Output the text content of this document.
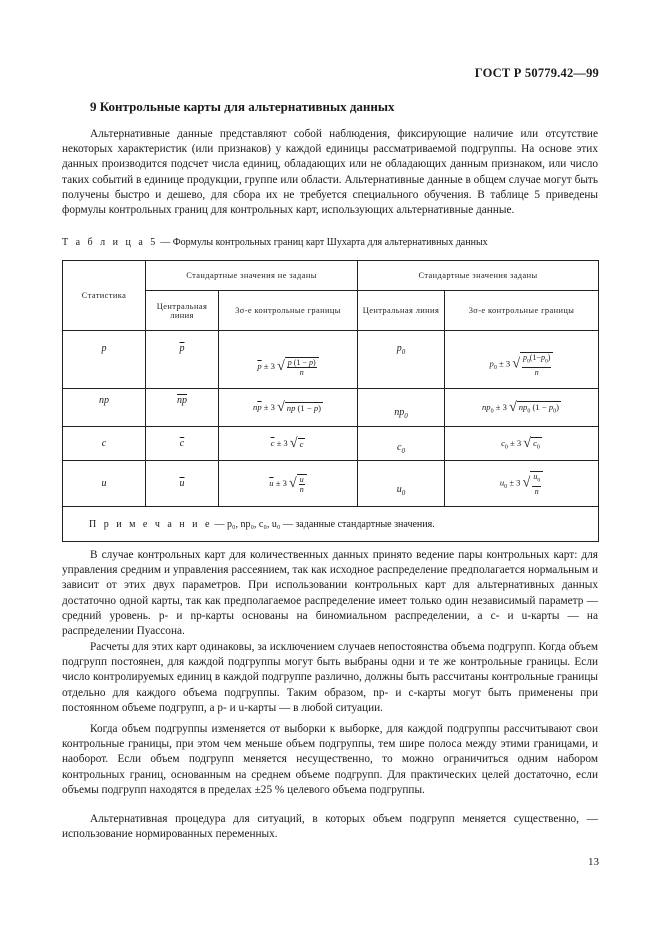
ГОСТ Р 50779.42—99
9 Контрольные карты для альтернативных данных

Альтернативные данные представляют собой наблюдения, фиксирующие наличие или отсутствие некоторых характеристик (или признаков) у каждой единицы рассматриваемой подгруппы. На основе этих данных производится подсчет числа единиц, обладающих или не обладающих данным признаком, или число таких событий в единице продукции, группе или области. Альтернативные данные в общем случае могут быть получены быстро и дешево, для сбора их не требуется специального обучения. В таблице 5 приведены формулы контрольных границ для контрольных карт, использующих альтернативные данные.

Т а б л и ц а 5 — Формулы контрольных границ карт Шухарта для альтернативных данных
Статистика	Стандартные значения не заданы		Стандартные значения заданы	
	Центральная линия	3σ-е контрольные границы	Центральная линия	3σ-е контрольные границы
p	$\overline{p}$	$\overline{p} \pm 3$ √ $\frac{p (1 - \overline{p})}{n}$	$p_0$	$p_0 \pm 3$ √ $\frac{p_0(1-p_0)}{n}$

np	$\overline{np}$	$n\overline{p} \pm 3$ √ $n\overline{p}$ $(1 - \overline{p})$	$np_0$	$np_0 \pm 3$ √ $np_0$ $(1 - p_0)$
c	$\overline{c}$	$\overline{c} \pm 3$ √ c	$c_0$	$c_0 \pm 3$ √ $c_0$
u	$\overline{u}$	$\overline{u} \pm 3$ √ $\frac{u}{n}$	$u_0$	$u_0 \pm 3$ √ $\frac{u_0}{n}$

П р и м е ч а н и е — p₀, np₀, c₀, u₀ — заданные стандартные значения.				

В случае контрольных карт для количественных данных принято ведение пары контрольных карт: для управления средним и управления рассеянием, так как исходное распределение предполагается нормальным и зависит от этих двух параметров. При использовании контрольных карт для альтернативных данных достаточно одной карты, так как предполагаемое распределение имеет только один независимый параметр — средний уровень. p- и np-карты основаны на биномиальном распределении, а c- и u-карты — на распределении Пуассона.

Расчеты для этих карт одинаковы, за исключением случаев непостоянства объема подгрупп. Когда объем подгрупп постоянен, для каждой подгруппы могут быть выбраны одни и те же контрольные границы. Если число контролируемых единиц в каждой подгруппе различно, должны быть рассчитаны контрольные границы отдельно для каждого объема подгруппы. Таким образом, np- и c-карты могут быть применены при постоянном объеме подгрупп, а p- и u-карты — в любой ситуации.

Когда объем подгруппы изменяется от выборки к выборке, для каждой подгруппы рассчитывают свои контрольные границы, при этом чем меньше объем подгруппы, тем шире полоса между этими границами, и наоборот. Если объем подгрупп меняется несущественно, то можно ограничиться одним набором контрольных границ, основанным на среднем объеме подгрупп. Для практических целей достаточно, если объемы подгрупп находятся в пределах ±25 % целевого объема подгруппы.

Альтернативная процедура для ситуаций, в которых объем подгрупп меняется существенно, — использование нормированных переменных.

13
